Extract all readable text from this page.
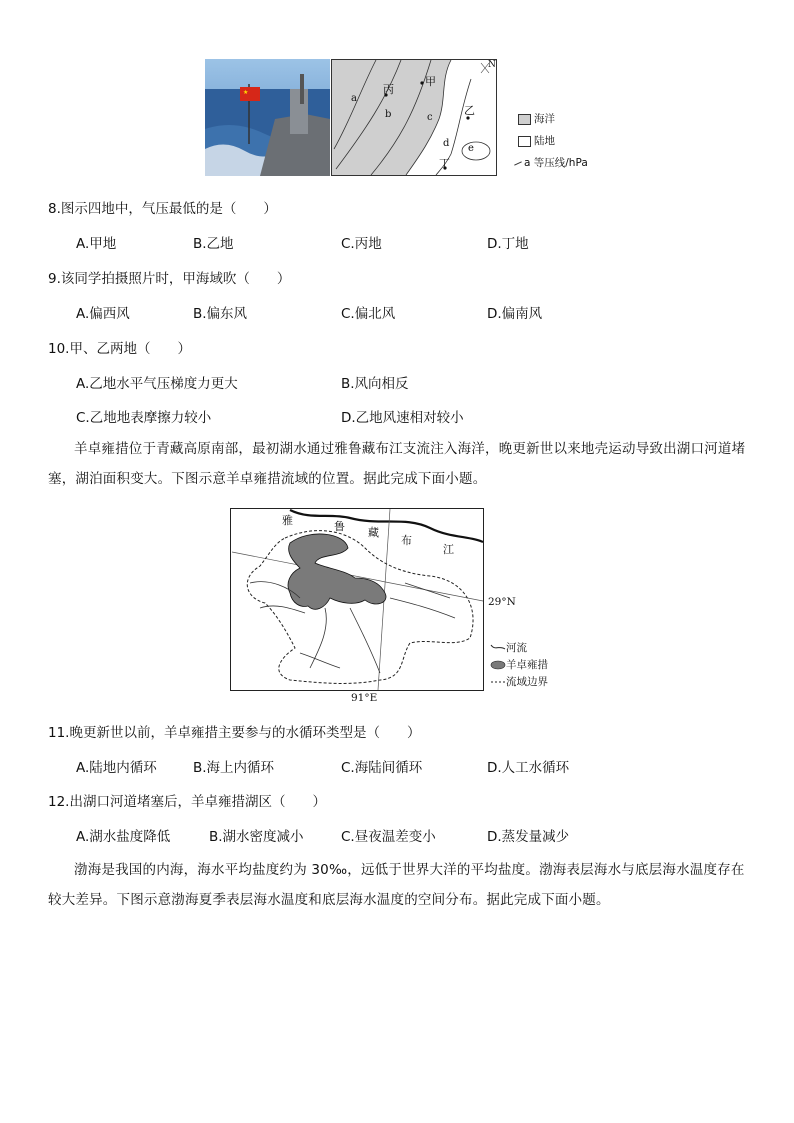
★
甲
丙
乙
丁
a
b	c
d e
N
海洋
陆地
a 等压线/hPa
8.图示四地中，气压最低的是（　　）
A.甲地	B.乙地	C.丙地	D.丁地
9.该同学拍摄照片时，甲海域吹（　　）
A.偏西风	B.偏东风	C.偏北风	D.偏南风
10.甲、乙两地（　　）
A.乙地水平气压梯度力更大	B.风向相反
C.乙地地表摩擦力较小	D.乙地风速相对较小
羊卓雍措位于青藏高原南部，最初湖水通过雅鲁藏布江支流注入海洋，晚更新世以来地壳运动导致出湖口河道堵塞，湖泊面积变大。下图示意羊卓雍措流域的位置。据此完成下面小题。
雅	鲁 藏
布
江
29°N
91°E
河流
羊卓雍措
流域边界
11.晚更新世以前，羊卓雍措主要参与的水循环类型是（　　）
A.陆地内循环	B.海上内循环	C.海陆间循环	D.人工水循环
12.出湖口河道堵塞后，羊卓雍措湖区（　　）
A.湖水盐度降低	B.湖水密度减小	C.昼夜温差变小	D.蒸发量减少
渤海是我国的内海，海水平均盐度约为 30‰，远低于世界大洋的平均盐度。渤海表层海水与底层海水温度存在较大差异。下图示意渤海夏季表层海水温度和底层海水温度的空间分布。据此完成下面小题。
